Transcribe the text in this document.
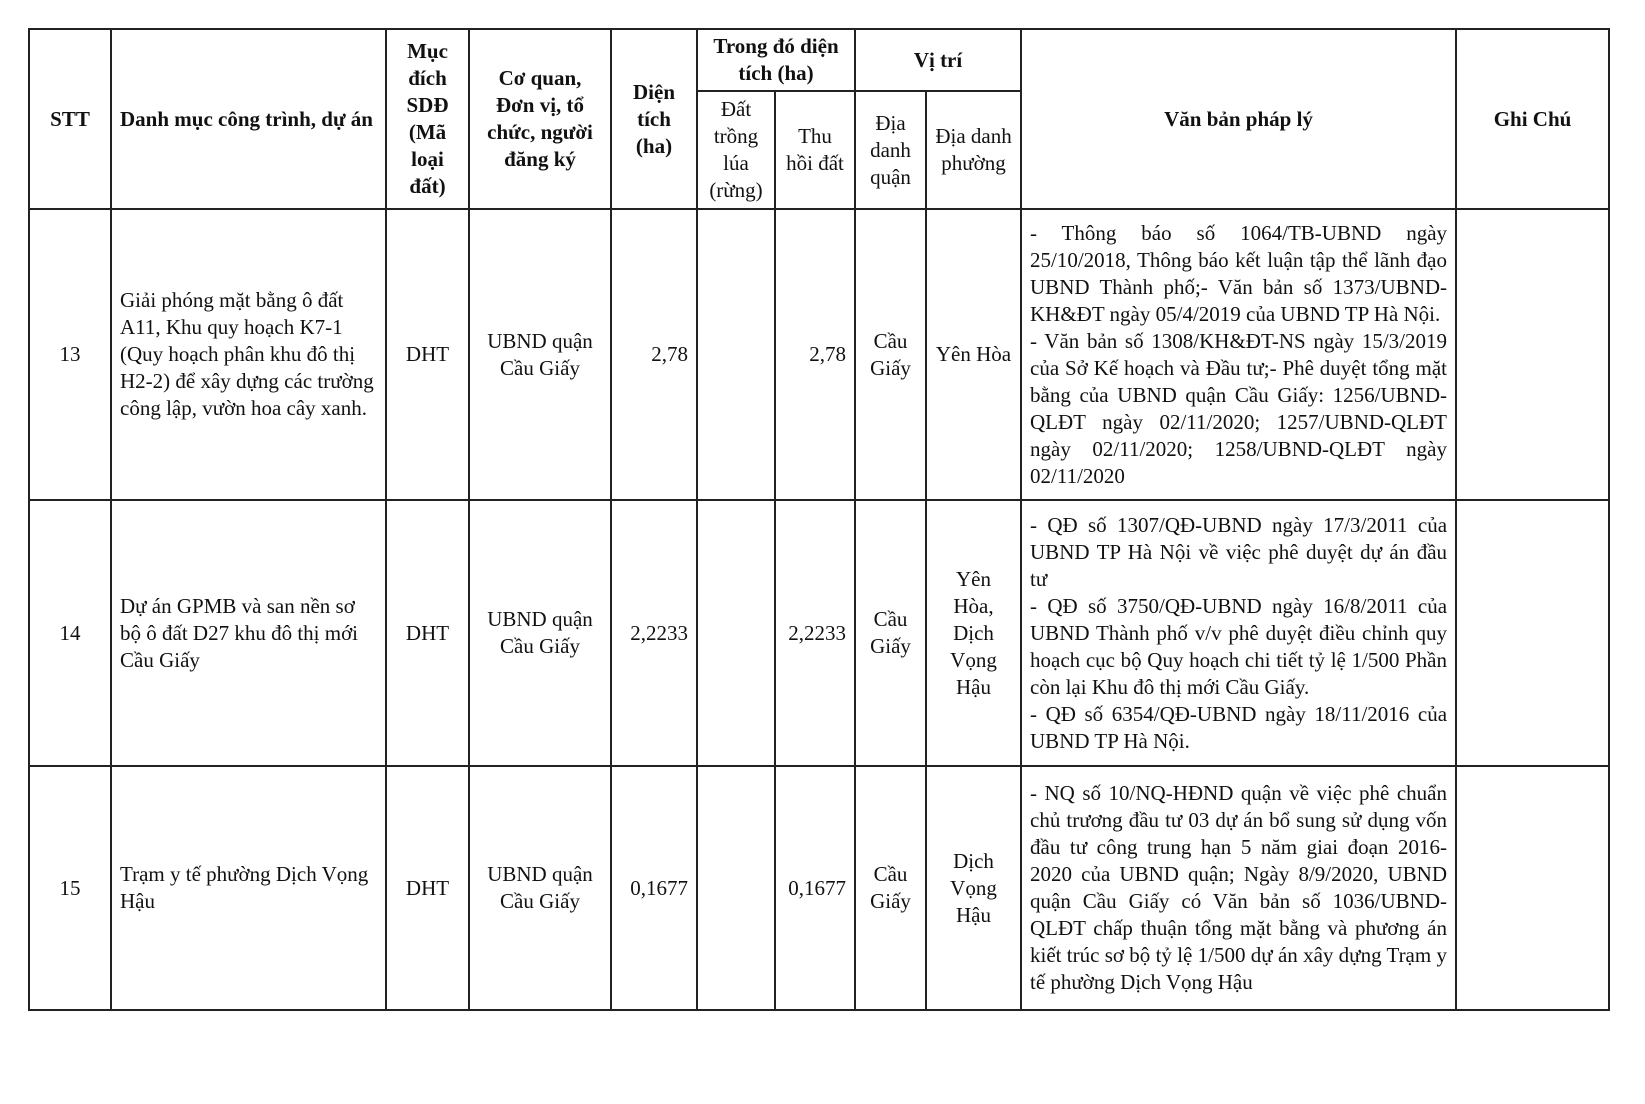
STT	Danh mục công trình, dự án	Mục đích SDĐ (Mã loại đất)	Cơ quan, Đơn vị, tổ chức, người đăng ký	Diện tích (ha)	Trong đó diện tích (ha)		Vị trí		Văn bản pháp lý	Ghi Chú
					Đất trồng lúa (rừng)	Thu hồi đất	Địa danh quận	Địa danh phường		
13	Giải phóng mặt bằng ô đất A11, Khu quy hoạch K7-1 (Quy hoạch phân khu đô thị H2-2) để xây dựng các trường công lập, vườn hoa cây xanh.	DHT	UBND quận Cầu Giấy	2,78		2,78	Cầu Giấy	Yên Hòa	- Thông báo số 1064/TB-UBND ngày 25/10/2018, Thông báo kết luận tập thể lãnh đạo UBND Thành phố;- Văn bản số 1373/UBND-KH&ĐT ngày 05/4/2019 của UBND TP Hà Nội.
- Văn bản số 1308/KH&ĐT-NS ngày 15/3/2019 của Sở Kế hoạch và Đầu tư;- Phê duyệt tổng mặt bằng của UBND quận Cầu Giấy: 1256/UBND-QLĐT ngày 02/11/2020; 1257/UBND-QLĐT ngày 02/11/2020; 1258/UBND-QLĐT ngày 02/11/2020	

14	Dự án GPMB và san nền sơ bộ ô đất D27 khu đô thị mới Cầu Giấy	DHT	UBND quận Cầu Giấy	2,2233		2,2233	Cầu Giấy	Yên Hòa, Dịch Vọng Hậu	- QĐ số 1307/QĐ-UBND ngày 17/3/2011 của UBND TP Hà Nội về việc phê duyệt dự án đầu tư
- QĐ số 3750/QĐ-UBND ngày 16/8/2011 của UBND Thành phố v/v phê duyệt điều chỉnh quy hoạch cục bộ Quy hoạch chi tiết tỷ lệ 1/500 Phần còn lại Khu đô thị mới Cầu Giấy.
- QĐ số 6354/QĐ-UBND ngày 18/11/2016 của UBND TP Hà Nội.	

15	Trạm y tế phường Dịch Vọng Hậu	DHT	UBND quận Cầu Giấy	0,1677		0,1677	Cầu Giấy	Dịch Vọng Hậu	- NQ số 10/NQ-HĐND quận về việc phê chuẩn chủ trương đầu tư 03 dự án bổ sung sử dụng vốn đầu tư công trung hạn 5 năm giai đoạn 2016-2020 của UBND quận; Ngày 8/9/2020, UBND quận Cầu Giấy có Văn bản số 1036/UBND-QLĐT chấp thuận tổng mặt bằng và phương án kiết trúc sơ bộ tỷ lệ 1/500 dự án xây dựng Trạm y tế phường Dịch Vọng Hậu	
